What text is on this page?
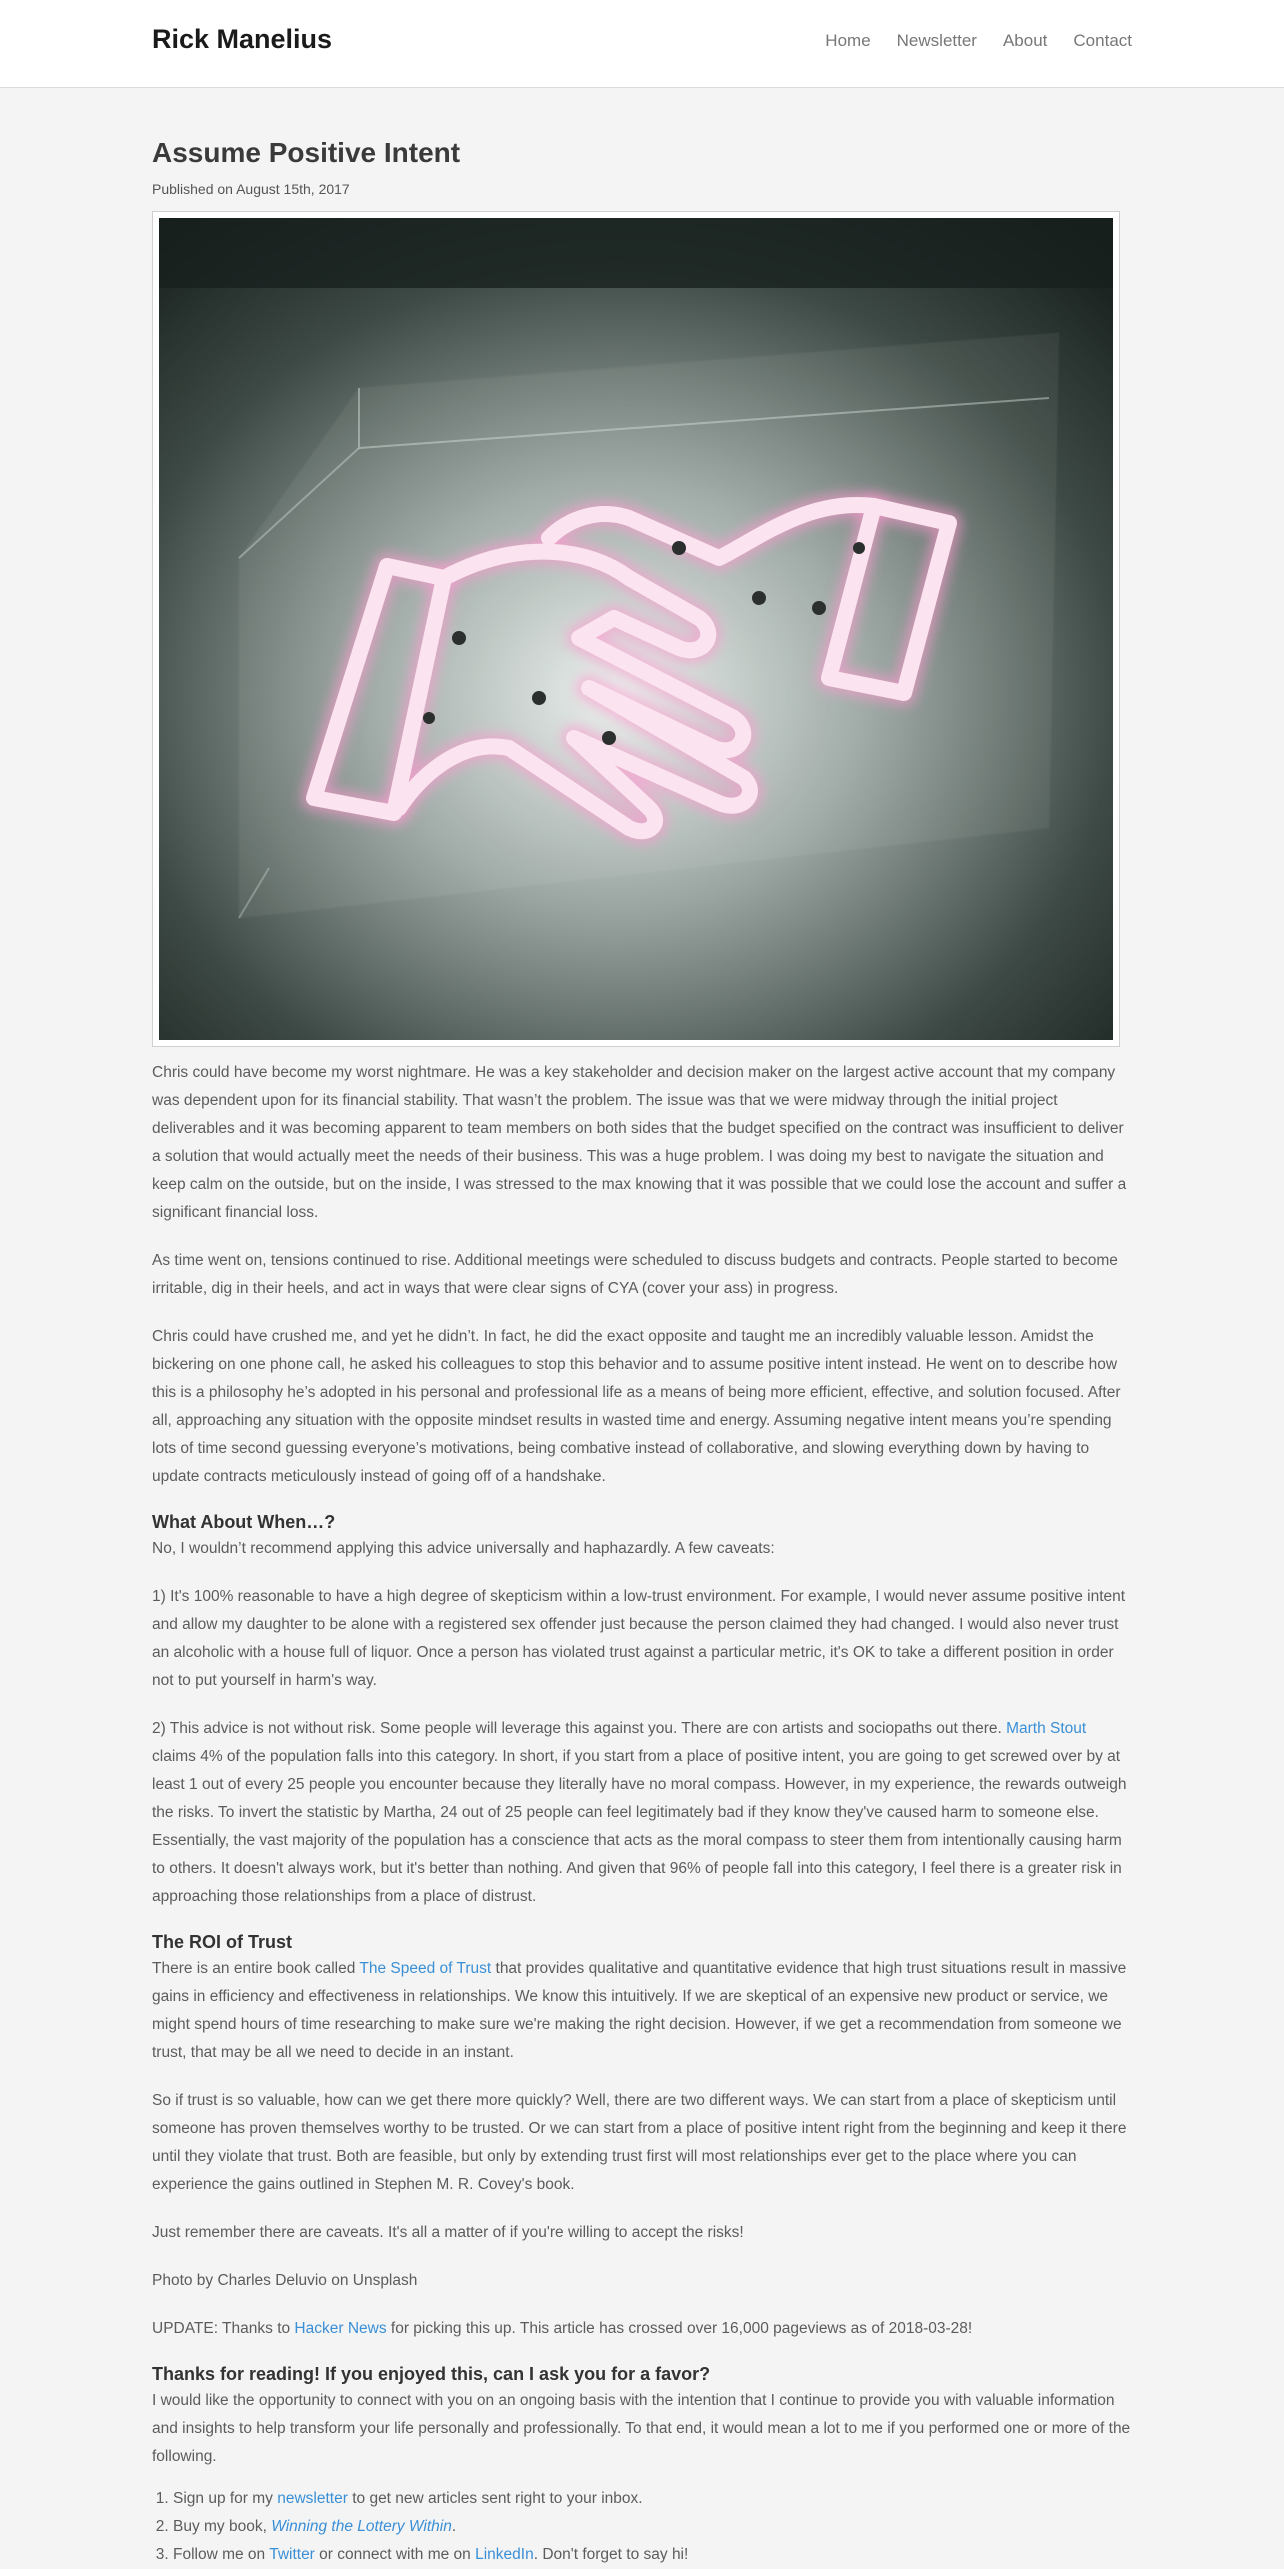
Rick Manelius	Home Newsletter About Contact
Assume Positive Intent
Published on August 15th, 2017

Chris could have become my worst nightmare. He was a key stakeholder and decision maker on the largest active account that my company was dependent upon for its financial stability. That wasn’t the problem. The issue was that we were midway through the initial project deliverables and it was becoming apparent to team members on both sides that the budget specified on the contract was insufficient to deliver a solution that would actually meet the needs of their business. This was a huge problem. I was doing my best to navigate the situation and keep calm on the outside, but on the inside, I was stressed to the max knowing that it was possible that we could lose the account and suffer a significant financial loss.

As time went on, tensions continued to rise. Additional meetings were scheduled to discuss budgets and contracts. People started to become irritable, dig in their heels, and act in ways that were clear signs of CYA (cover your ass) in progress.

Chris could have crushed me, and yet he didn’t. In fact, he did the exact opposite and taught me an incredibly valuable lesson. Amidst the bickering on one phone call, he asked his colleagues to stop this behavior and to assume positive intent instead. He went on to describe how this is a philosophy he’s adopted in his personal and professional life as a means of being more efficient, effective, and solution focused. After all, approaching any situation with the opposite mindset results in wasted time and energy. Assuming negative intent means you’re spending lots of time second guessing everyone’s motivations, being combative instead of collaborative, and slowing everything down by having to update contracts meticulously instead of going off of a handshake.

What About When…?

No, I wouldn’t recommend applying this advice universally and haphazardly. A few caveats:

1) It's 100% reasonable to have a high degree of skepticism within a low-trust environment. For example, I would never assume positive intent and allow my daughter to be alone with a registered sex offender just because the person claimed they had changed. I would also never trust an alcoholic with a house full of liquor. Once a person has violated trust against a particular metric, it's OK to take a different position in order not to put yourself in harm's way.

2) This advice is not without risk. Some people will leverage this against you. There are con artists and sociopaths out there. Marth Stout claims 4% of the population falls into this category. In short, if you start from a place of positive intent, you are going to get screwed over by at least 1 out of every 25 people you encounter because they literally have no moral compass. However, in my experience, the rewards outweigh the risks. To invert the statistic by Martha, 24 out of 25 people can feel legitimately bad if they know they've caused harm to someone else. Essentially, the vast majority of the population has a conscience that acts as the moral compass to steer them from intentionally causing harm to others. It doesn't always work, but it's better than nothing. And given that 96% of people fall into this category, I feel there is a greater risk in approaching those relationships from a place of distrust.

The ROI of Trust

There is an entire book called The Speed of Trust that provides qualitative and quantitative evidence that high trust situations result in massive gains in efficiency and effectiveness in relationships. We know this intuitively. If we are skeptical of an expensive new product or service, we might spend hours of time researching to make sure we're making the right decision. However, if we get a recommendation from someone we trust, that may be all we need to decide in an instant.

So if trust is so valuable, how can we get there more quickly? Well, there are two different ways. We can start from a place of skepticism until someone has proven themselves worthy to be trusted. Or we can start from a place of positive intent right from the beginning and keep it there until they violate that trust. Both are feasible, but only by extending trust first will most relationships ever get to the place where you can experience the gains outlined in Stephen M. R. Covey's book.

Just remember there are caveats. It's all a matter of if you're willing to accept the risks!

Photo by Charles Deluvio on Unsplash

UPDATE: Thanks to Hacker News for picking this up. This article has crossed over 16,000 pageviews as of 2018-03-28!

Thanks for reading! If you enjoyed this, can I ask you for a favor?

I would like the opportunity to connect with you on an ongoing basis with the intention that I continue to provide you with valuable information and insights to help transform your life personally and professionally. To that end, it would mean a lot to me if you performed one or more of the following.

1. Sign up for my newsletter to get new articles sent right to your inbox.
2. Buy my book, Winning the Lottery Within.
3. Follow me on Twitter or connect with me on LinkedIn. Don't forget to say hi!
